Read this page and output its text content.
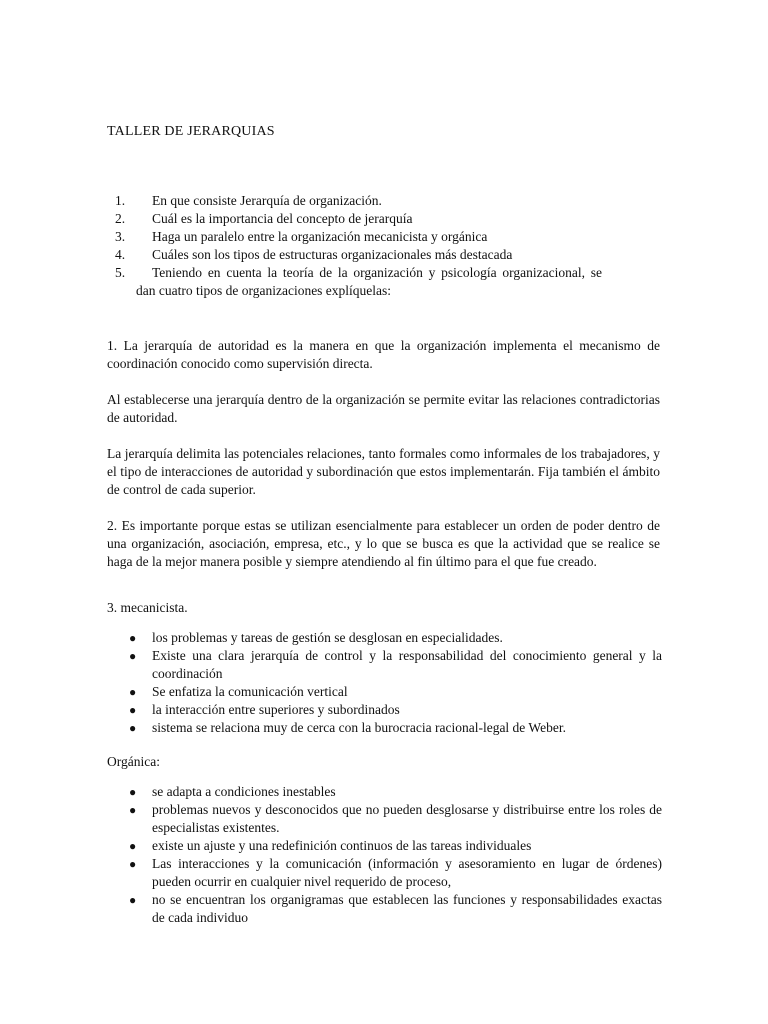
TALLER DE JERARQUIAS
1. En que consiste Jerarquía de organización.
2. Cuál es la importancia del concepto de jerarquía
3. Haga un paralelo entre la organización mecanicista y orgánica
4. Cuáles son los tipos de estructuras organizacionales más destacada
5. Teniendo en cuenta la teoría de la organización y psicología organizacional, se
dan cuatro tipos de organizaciones explíquelas:

1. La jerarquía de autoridad es la manera en que la organización implementa el mecanismo de coordinación conocido como supervisión directa.

Al establecerse una jerarquía dentro de la organización se permite evitar las relaciones contradictorias de autoridad.

La jerarquía delimita las potenciales relaciones, tanto formales como informales de los trabajadores, y el tipo de interacciones de autoridad y subordinación que estos implementarán. Fija también el ámbito de control de cada superior.

2. Es importante porque estas se utilizan esencialmente para establecer un orden de poder dentro de una organización, asociación, empresa, etc., y lo que se busca es que la actividad que se realice se haga de la mejor manera posible y siempre atendiendo al fin último para el que fue creado.

3. mecanicista.

● los problemas y tareas de gestión se desglosan en especialidades.
● Existe una clara jerarquía de control y la responsabilidad del conocimiento general y la coordinación
● Se enfatiza la comunicación vertical
● la interacción entre superiores y subordinados
● sistema se relaciona muy de cerca con la burocracia racional-legal de Weber.

Orgánica:

● se adapta a condiciones inestables
● problemas nuevos y desconocidos que no pueden desglosarse y distribuirse entre los roles de especialistas existentes.
● existe un ajuste y una redefinición continuos de las tareas individuales
● Las interacciones y la comunicación (información y asesoramiento en lugar de órdenes) pueden ocurrir en cualquier nivel requerido de proceso,
● no se encuentran los organigramas que establecen las funciones y responsabilidades exactas de cada individuo
